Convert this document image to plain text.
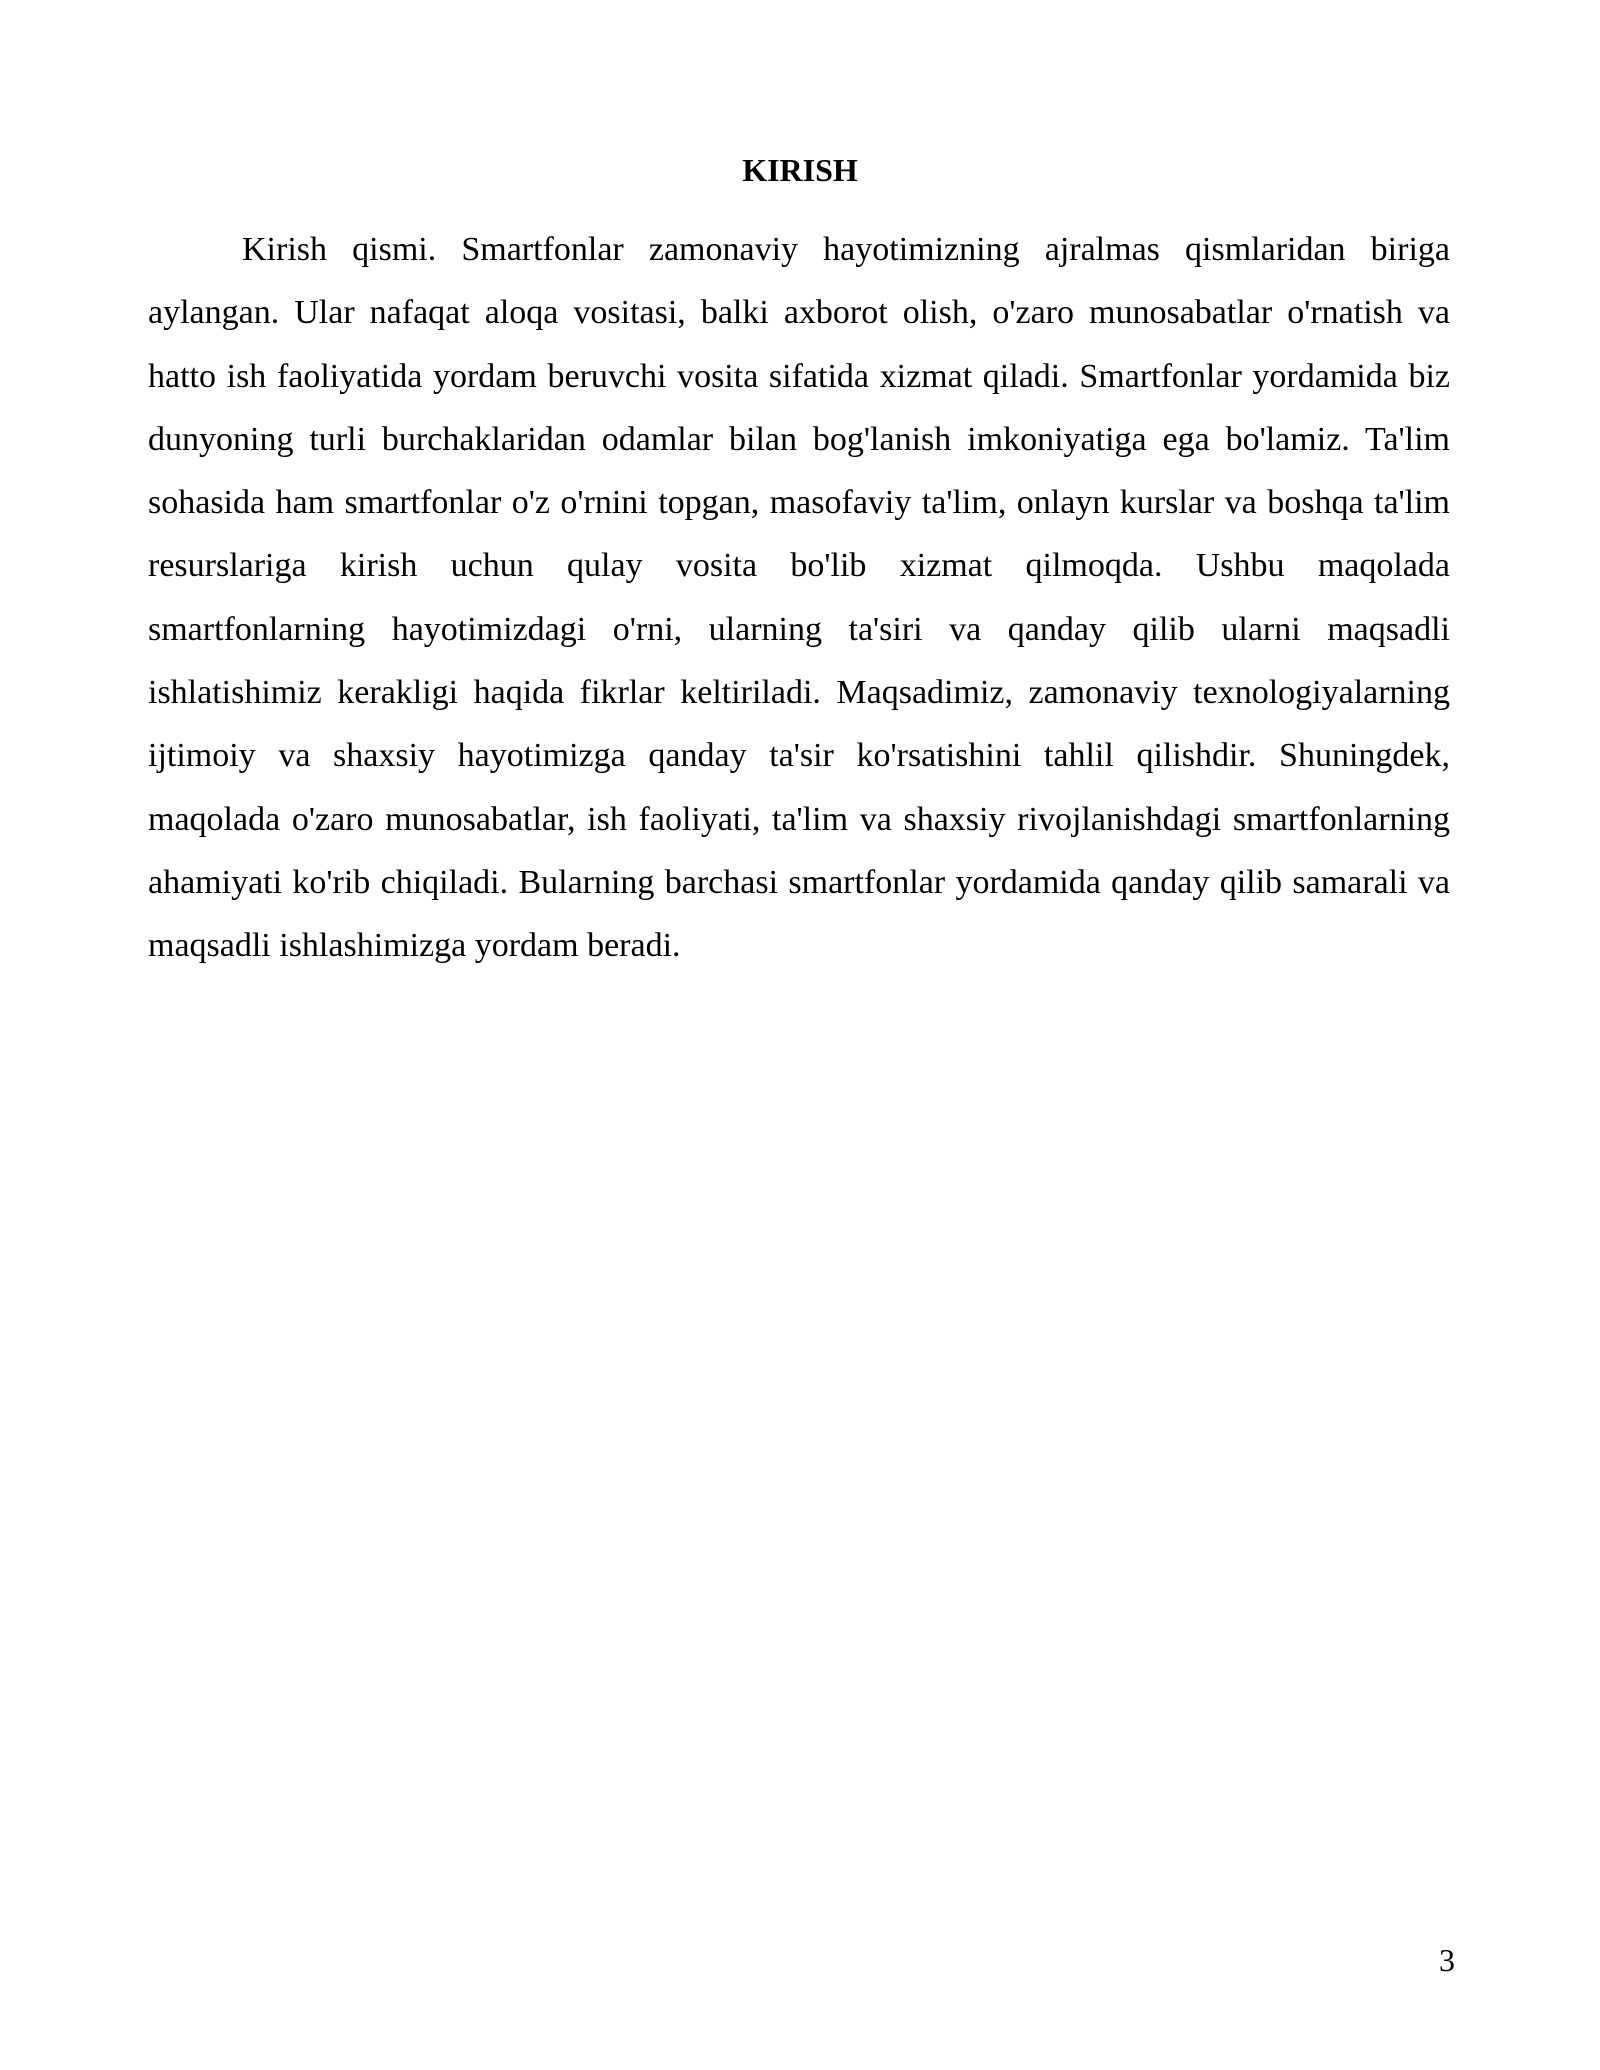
KIRISH

Kirish qismi. Smartfonlar zamonaviy hayotimizning ajralmas qismlaridan biriga aylangan. Ular nafaqat aloqa vositasi, balki axborot olish, o'zaro munosabatlar o'rnatish va hatto ish faoliyatida yordam beruvchi vosita sifatida xizmat qiladi. Smartfonlar yordamida biz dunyoning turli burchaklaridan odamlar bilan bog'lanish imkoniyatiga ega bo'lamiz. Ta'lim sohasida ham smartfonlar o'z o'rnini topgan, masofaviy ta'lim, onlayn kurslar va boshqa ta'lim resurslariga kirish uchun qulay vosita bo'lib xizmat qilmoqda. Ushbu maqolada smartfonlarning hayotimizdagi o'rni, ularning ta'siri va qanday qilib ularni maqsadli ishlatishimiz kerakligi haqida fikrlar keltiriladi. Maqsadimiz, zamonaviy texnologiyalarning ijtimoiy va shaxsiy hayotimizga qanday ta'sir ko'rsatishini tahlil qilishdir. Shuningdek, maqolada o'zaro munosabatlar, ish faoliyati, ta'lim va shaxsiy rivojlanishdagi smartfonlarning ahamiyati ko'rib chiqiladi. Bularning barchasi smartfonlar yordamida qanday qilib samarali va maqsadli ishlashimizga yordam beradi.

3
